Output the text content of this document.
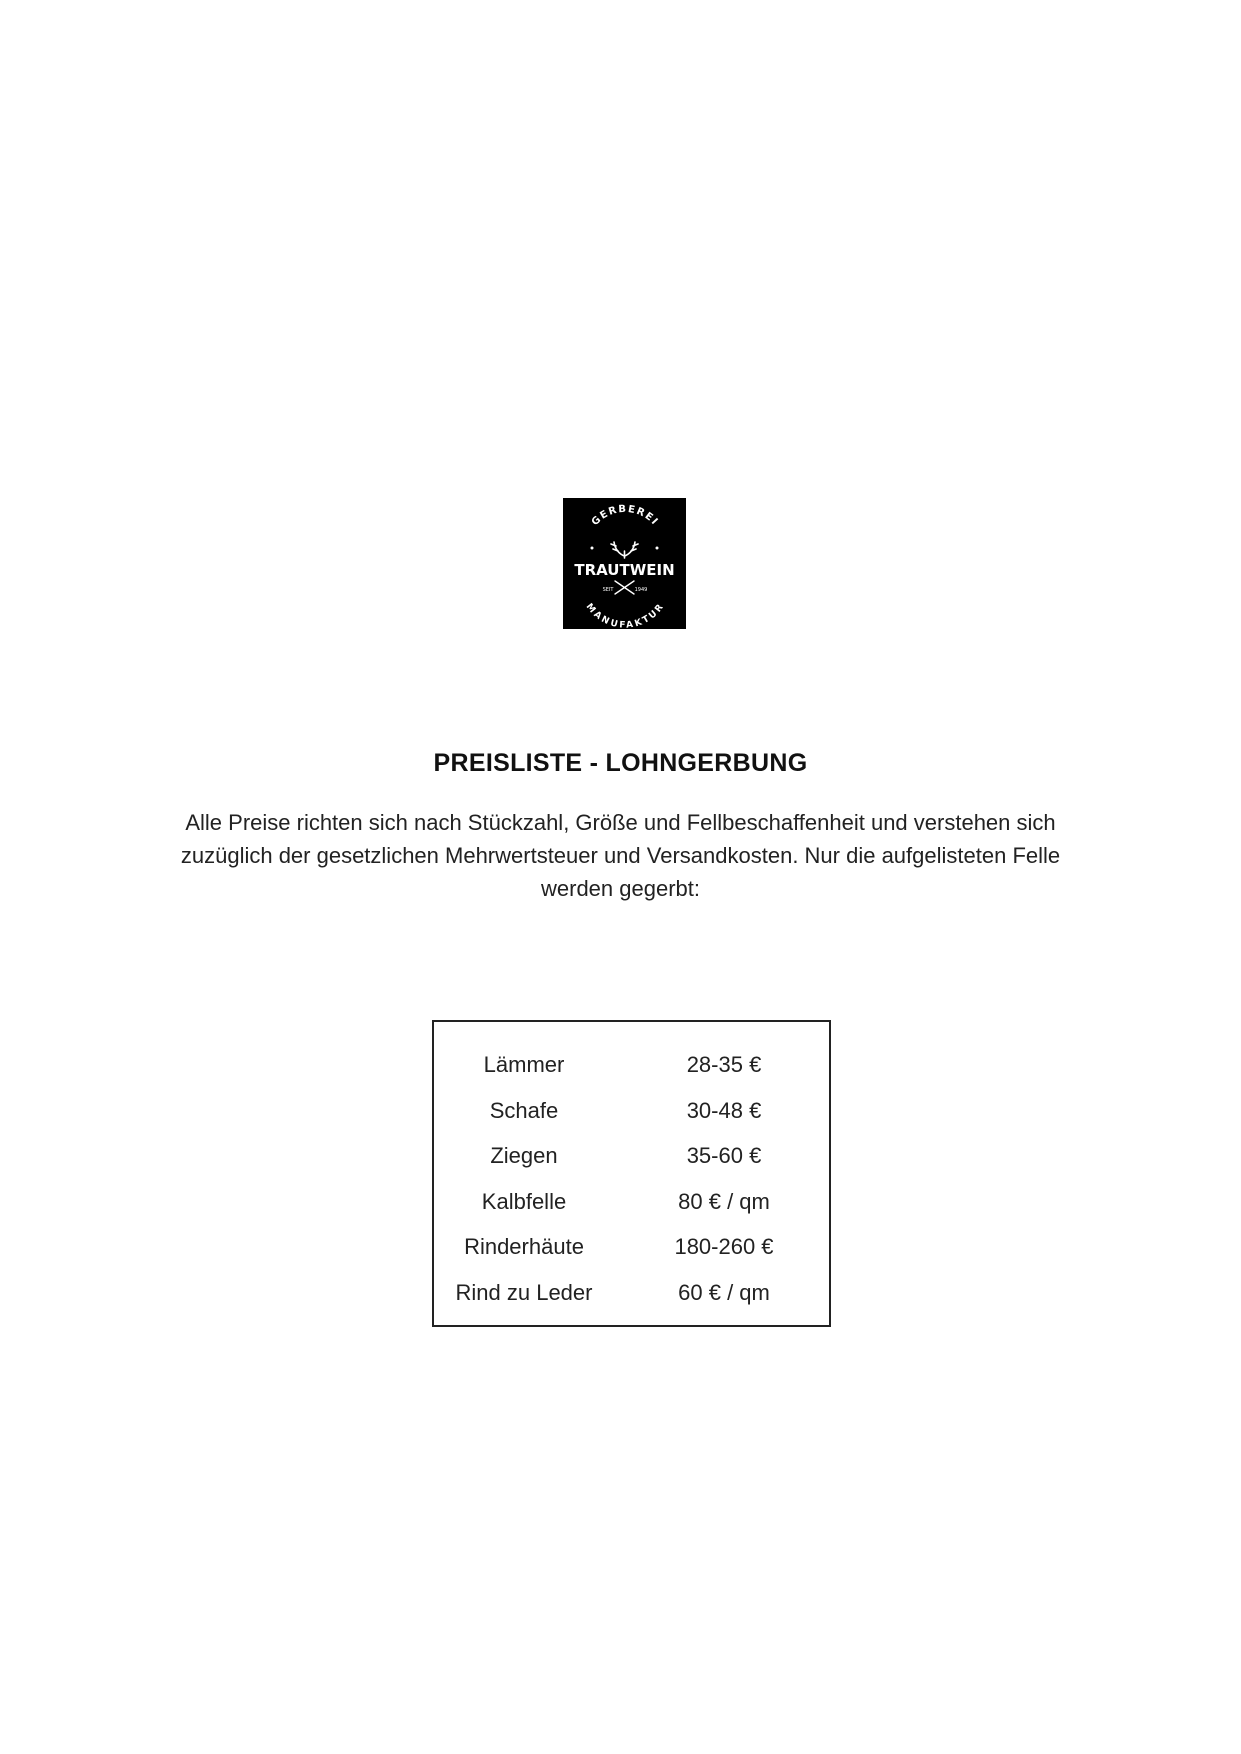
GERBEREI
TRAUTWEIN
SEIT	1949
MANUFAKTUR
PREISLISTE - LOHNGERBUNG

Alle Preise richten sich nach Stückzahl, Größe und Fellbeschaffenheit und verstehen sich
zuzüglich der gesetzlichen Mehrwertsteuer und Versandkosten. Nur die aufgelisteten Felle
werden gegerbt:

Lämmer	28-35 €
Schafe	30-48 €
Ziegen	35-60 €
Kalbfelle	80 € / qm
Rinderhäute	180-260 €
Rind zu Leder	60 € / qm
